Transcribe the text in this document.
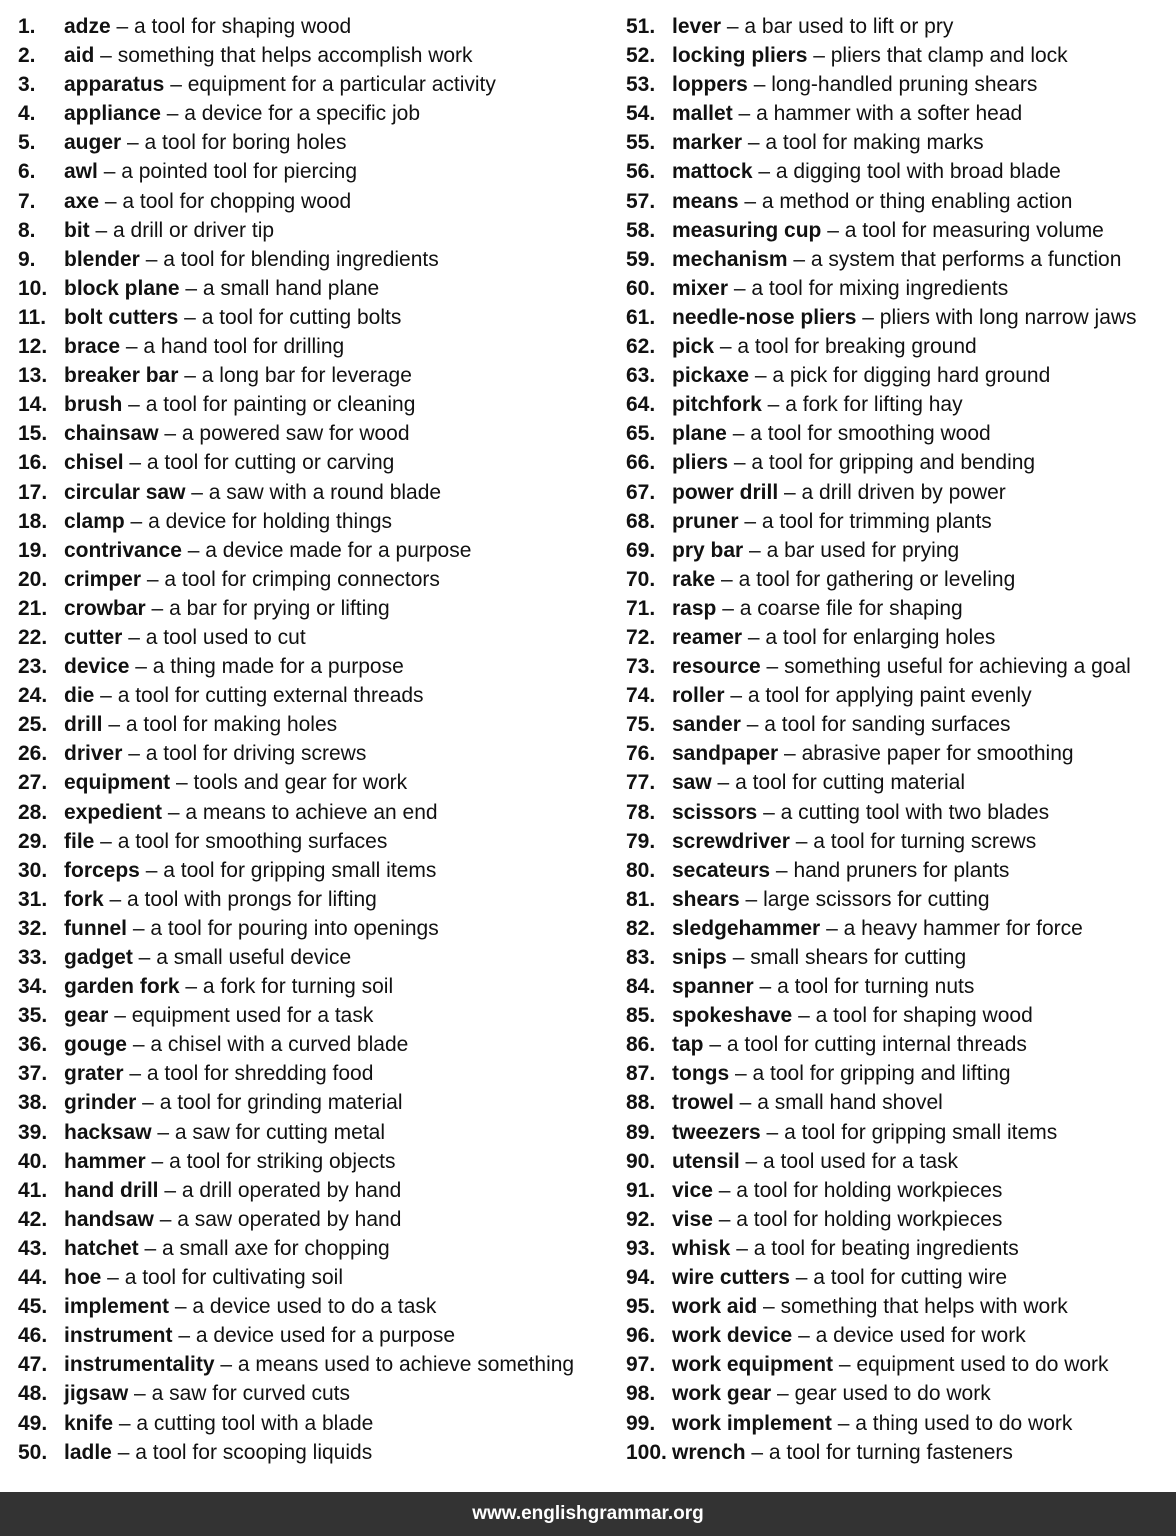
1. adze – a tool for shaping wood
2. aid – something that helps accomplish work
3. apparatus – equipment for a particular activity
4. appliance – a device for a specific job
5. auger – a tool for boring holes
6. awl – a pointed tool for piercing
7. axe – a tool for chopping wood
8. bit – a drill or driver tip
9. blender – a tool for blending ingredients
10. block plane – a small hand plane
11. bolt cutters – a tool for cutting bolts
12. brace – a hand tool for drilling
13. breaker bar – a long bar for leverage
14. brush – a tool for painting or cleaning
15. chainsaw – a powered saw for wood
16. chisel – a tool for cutting or carving
17. circular saw – a saw with a round blade
18. clamp – a device for holding things
19. contrivance – a device made for a purpose
20. crimper – a tool for crimping connectors
21. crowbar – a bar for prying or lifting
22. cutter – a tool used to cut
23. device – a thing made for a purpose
24. die – a tool for cutting external threads
25. drill – a tool for making holes
26. driver – a tool for driving screws
27. equipment – tools and gear for work
28. expedient – a means to achieve an end
29. file – a tool for smoothing surfaces
30. forceps – a tool for gripping small items
31. fork – a tool with prongs for lifting
32. funnel – a tool for pouring into openings
33. gadget – a small useful device
34. garden fork – a fork for turning soil
35. gear – equipment used for a task
36. gouge – a chisel with a curved blade
37. grater – a tool for shredding food
38. grinder – a tool for grinding material
39. hacksaw – a saw for cutting metal
40. hammer – a tool for striking objects
41. hand drill – a drill operated by hand
42. handsaw – a saw operated by hand
43. hatchet – a small axe for chopping
44. hoe – a tool for cultivating soil
45. implement – a device used to do a task
46. instrument – a device used for a purpose
47. instrumentality – a means used to achieve something
48. jigsaw – a saw for curved cuts
49. knife – a cutting tool with a blade
50. ladle – a tool for scooping liquids
51. lever – a bar used to lift or pry
52. locking pliers – pliers that clamp and lock
53. loppers – long-handled pruning shears
54. mallet – a hammer with a softer head
55. marker – a tool for making marks
56. mattock – a digging tool with broad blade
57. means – a method or thing enabling action
58. measuring cup – a tool for measuring volume
59. mechanism – a system that performs a function
60. mixer – a tool for mixing ingredients
61. needle-nose pliers – pliers with long narrow jaws
62. pick – a tool for breaking ground
63. pickaxe – a pick for digging hard ground
64. pitchfork – a fork for lifting hay
65. plane – a tool for smoothing wood
66. pliers – a tool for gripping and bending
67. power drill – a drill driven by power
68. pruner – a tool for trimming plants
69. pry bar – a bar used for prying
70. rake – a tool for gathering or leveling
71. rasp – a coarse file for shaping
72. reamer – a tool for enlarging holes
73. resource – something useful for achieving a goal
74. roller – a tool for applying paint evenly
75. sander – a tool for sanding surfaces
76. sandpaper – abrasive paper for smoothing
77. saw – a tool for cutting material
78. scissors – a cutting tool with two blades
79. screwdriver – a tool for turning screws
80. secateurs – hand pruners for plants
81. shears – large scissors for cutting
82. sledgehammer – a heavy hammer for force
83. snips – small shears for cutting
84. spanner – a tool for turning nuts
85. spokeshave – a tool for shaping wood
86. tap – a tool for cutting internal threads
87. tongs – a tool for gripping and lifting
88. trowel – a small hand shovel
89. tweezers – a tool for gripping small items
90. utensil – a tool used for a task
91. vice – a tool for holding workpieces
92. vise – a tool for holding workpieces
93. whisk – a tool for beating ingredients
94. wire cutters – a tool for cutting wire
95. work aid – something that helps with work
96. work device – a device used for work
97. work equipment – equipment used to do work
98. work gear – gear used to do work
99. work implement – a thing used to do work
100. wrench – a tool for turning fasteners
www.englishgrammar.org
